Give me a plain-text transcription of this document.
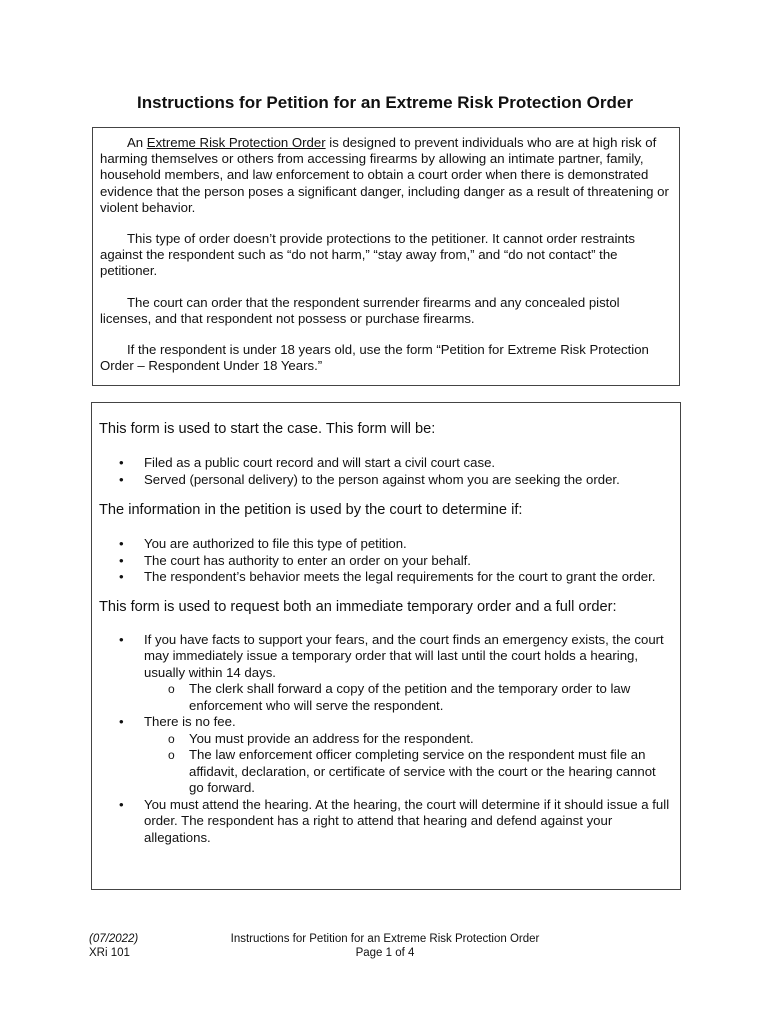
Instructions for Petition for an Extreme Risk Protection Order

An Extreme Risk Protection Order is designed to prevent individuals who are at high risk of harming themselves or others from accessing firearms by allowing an intimate partner, family, household members, and law enforcement to obtain a court order when there is demonstrated evidence that the person poses a significant danger, including danger as a result of threatening or violent behavior.

This type of order doesn’t provide protections to the petitioner. It cannot order restraints against the respondent such as “do not harm,” “stay away from,” and “do not contact” the petitioner.

The court can order that the respondent surrender firearms and any concealed pistol licenses, and that respondent not possess or purchase firearms.

If the respondent is under 18 years old, use the form “Petition for Extreme Risk Protection Order – Respondent Under 18 Years.”

This form is used to start the case. This form will be:

• Filed as a public court record and will start a civil court case.
• Served (personal delivery) to the person against whom you are seeking the order.

The information in the petition is used by the court to determine if:

• You are authorized to file this type of petition.
• The court has authority to enter an order on your behalf.
• The respondent’s behavior meets the legal requirements for the court to grant the order.

This form is used to request both an immediate temporary order and a full order:

• If you have facts to support your fears, and the court finds an emergency exists, the court may immediately issue a temporary order that will last until the court holds a hearing, usually within 14 days.
o The clerk shall forward a copy of the petition and the temporary order to law enforcement who will serve the respondent.
• There is no fee.
o You must provide an address for the respondent.
o The law enforcement officer completing service on the respondent must file an affidavit, declaration, or certificate of service with the court or the hearing cannot go forward.
• You must attend the hearing. At the hearing, the court will determine if it should issue a full order. The respondent has a right to attend that hearing and defend against your allegations.
(07/2022)
XRi 101
Instructions for Petition for an Extreme Risk Protection Order
Page 1 of 4
